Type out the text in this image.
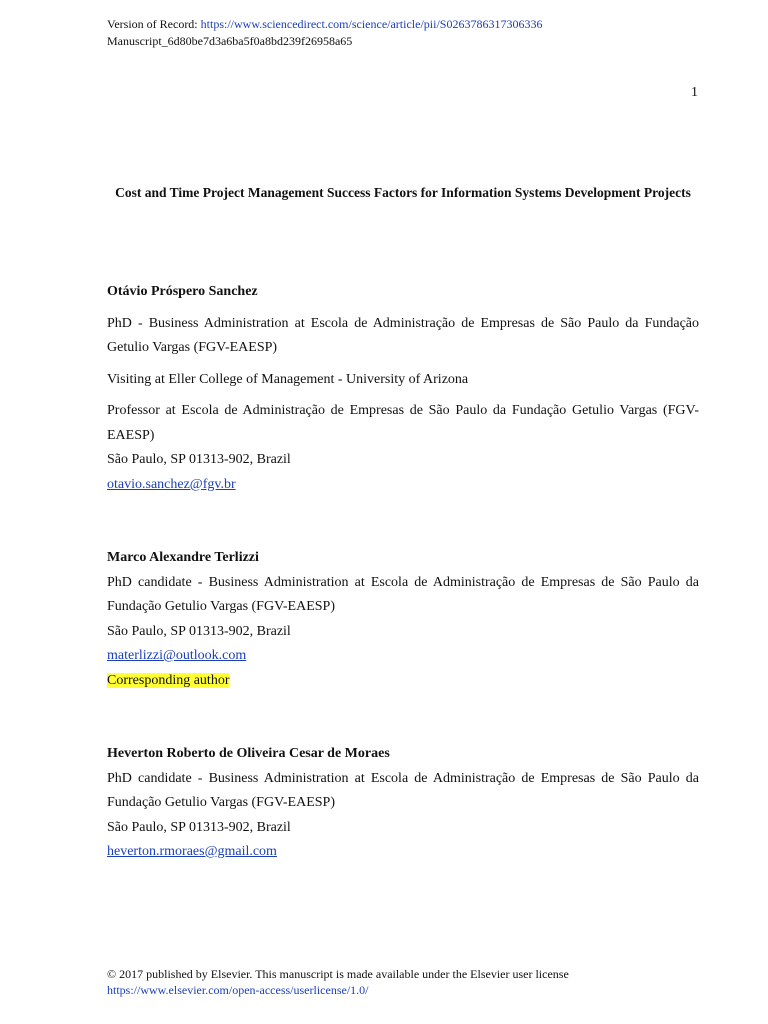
Version of Record: https://www.sciencedirect.com/science/article/pii/S0263786317306336
Manuscript_6d80be7d3a6ba5f0a8bd239f26958a65
1
Cost and Time Project Management Success Factors for Information Systems Development Projects

Otávio Próspero Sanchez

PhD - Business Administration at Escola de Administração de Empresas de São Paulo da Fundação Getulio Vargas (FGV-EAESP)

Visiting at Eller College of Management - University of Arizona

Professor at Escola de Administração de Empresas de São Paulo da Fundação Getulio Vargas (FGV-EAESP)

São Paulo, SP 01313-902, Brazil

otavio.sanchez@fgv.br

Marco Alexandre Terlizzi

PhD candidate - Business Administration at Escola de Administração de Empresas de São Paulo da Fundação Getulio Vargas (FGV-EAESP)

São Paulo, SP 01313-902, Brazil

materlizzi@outlook.com

Corresponding author

Heverton Roberto de Oliveira Cesar de Moraes

PhD candidate - Business Administration at Escola de Administração de Empresas de São Paulo da Fundação Getulio Vargas (FGV-EAESP)

São Paulo, SP 01313-902, Brazil

heverton.rmoraes@gmail.com

© 2017 published by Elsevier. This manuscript is made available under the Elsevier user license
https://www.elsevier.com/open-access/userlicense/1.0/
